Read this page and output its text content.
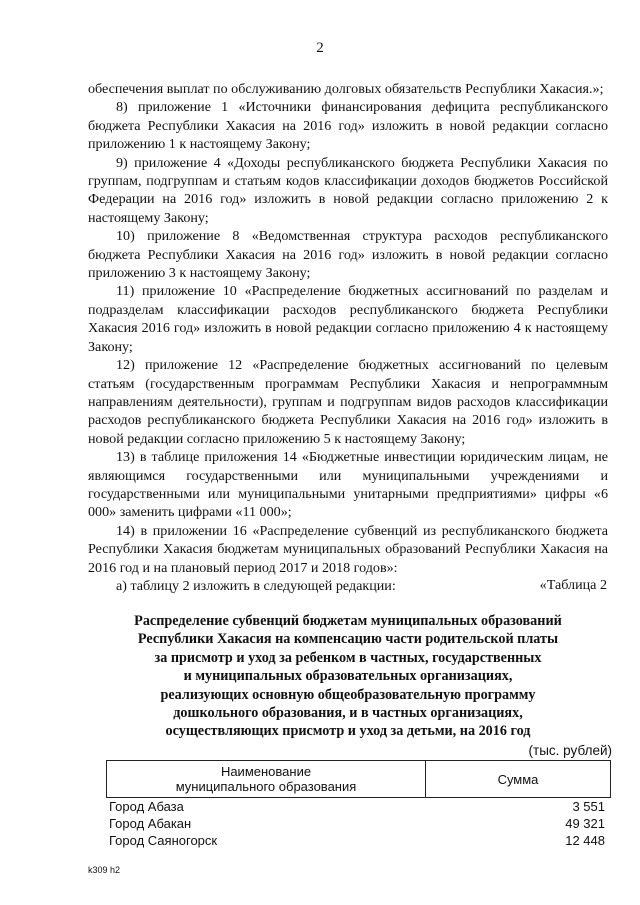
2

обеспечения выплат по обслуживанию долговых обязательств Республики Хакасия.»;

8) приложение 1 «Источники финансирования дефицита республиканского бюджета Республики Хакасия на 2016 год» изложить в новой редакции согласно приложению 1 к настоящему Закону;

9) приложение 4 «Доходы республиканского бюджета Республики Хакасия по группам, подгруппам и статьям кодов классификации доходов бюджетов Российской Федерации на 2016 год» изложить в новой редакции согласно приложению 2 к настоящему Закону;

10) приложение 8 «Ведомственная структура расходов республиканского бюджета Республики Хакасия на 2016 год» изложить в новой редакции согласно приложению 3 к настоящему Закону;

11) приложение 10 «Распределение бюджетных ассигнований по разделам и подразделам классификации расходов республиканского бюджета Республики Хакасия 2016 год» изложить в новой редакции согласно приложению 4 к настоящему Закону;

12) приложение 12 «Распределение бюджетных ассигнований по целевым статьям (государственным программам Республики Хакасия и непрограммным направлениям деятельности), группам и подгруппам видов расходов классификации расходов республиканского бюджета Республики Хакасия на 2016 год» изложить в новой редакции согласно приложению 5 к настоящему Закону;

13) в таблице приложения 14 «Бюджетные инвестиции юридическим лицам, не являющимся государственными или муниципальными учреждениями и государственными или муниципальными унитарными предприятиями» цифры «6 000» заменить цифрами «11 000»;

14) в приложении 16 «Распределение субвенций из республиканского бюджета Республики Хакасия бюджетам муниципальных образований Республики Хакасия на 2016 год и на плановый период 2017 и 2018 годов»:

а) таблицу 2 изложить в следующей редакции:	«Таблица 2
Распределение субвенций бюджетам муниципальных образований
Республики Хакасия на компенсацию части родительской платы
за присмотр и уход за ребенком в частных, государственных
и муниципальных образовательных организациях,
реализующих основную общеобразовательную программу
дошкольного образования, и в частных организациях,
осуществляющих присмотр и уход за детьми, на 2016 год
(тыс. рублей)
Наименование
муниципального образования	Сумма
Город Абаза	3 551
Город Абакан	49 321
Город Саяногорск	12 448
k309 h2
